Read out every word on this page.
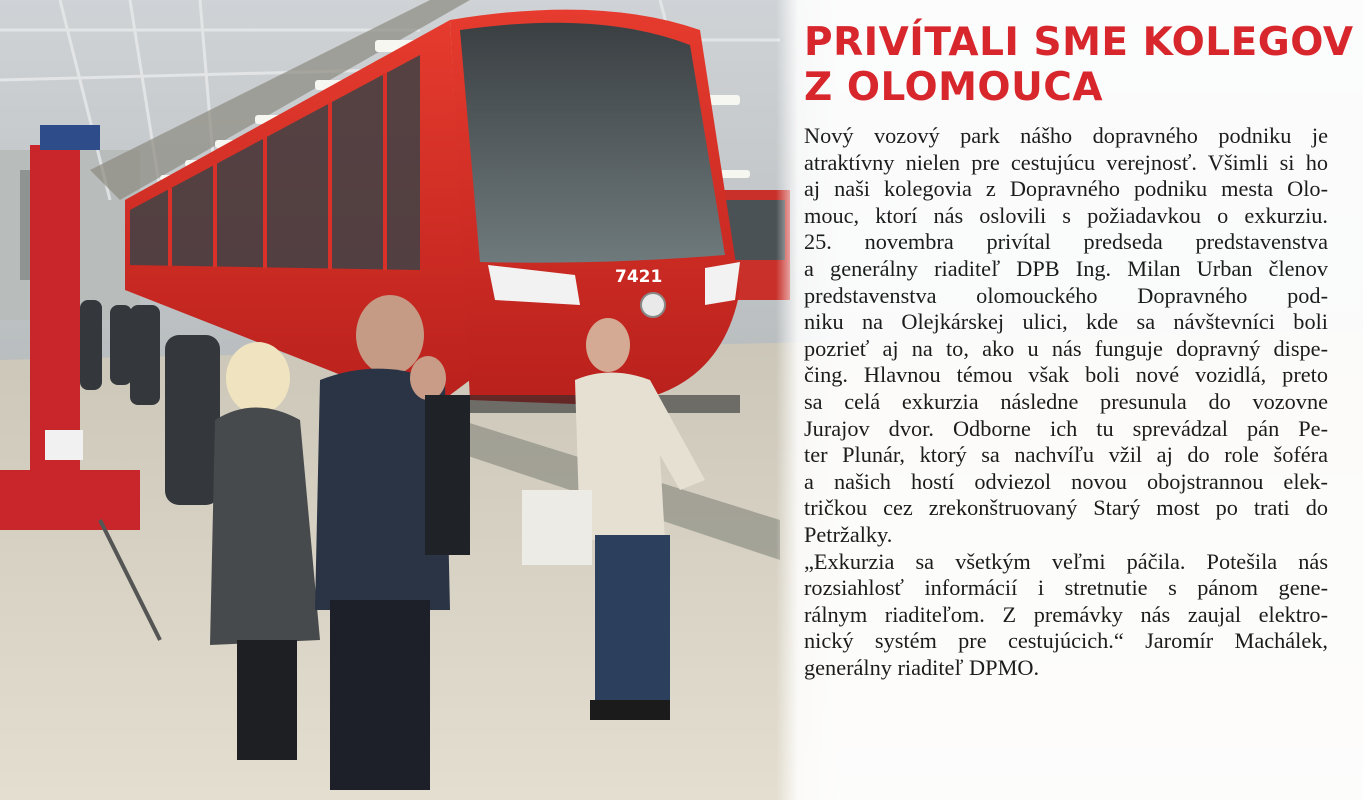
7421
PRIVÍTALI SME KOLEGOV
Z OLOMOUCA

Nový vozový park nášho dopravného podniku je

atraktívny nielen pre cestujúcu verejnosť. Všimli si ho

aj naši kolegovia z Dopravného podniku mesta Olo-

mouc, ktorí nás oslovili s požiadavkou o exkurziu.

25. novembra privítal predseda predstavenstva

a generálny riaditeľ DPB Ing. Milan Urban členov

predstavenstva olomouckého Dopravného pod-

niku na Olejkárskej ulici, kde sa návštevníci boli

pozrieť aj na to, ako u nás funguje dopravný dispe-

čing. Hlavnou témou však boli nové vozidlá, preto

sa celá exkurzia následne presunula do vozovne

Jurajov dvor. Odborne ich tu sprevádzal pán Pe-

ter Plunár, ktorý sa nachvíľu vžil aj do role šoféra

a našich hostí odviezol novou obojstrannou elek-

tričkou cez zrekonštruovaný Starý most po trati do

Petržalky.

„Exkurzia sa všetkým veľmi páčila. Potešila nás

rozsiahlosť informácií i stretnutie s pánom gene-

rálnym riaditeľom. Z premávky nás zaujal elektro-

nický systém pre cestujúcich.“ Jaromír Machálek,

generálny riaditeľ DPMO.
